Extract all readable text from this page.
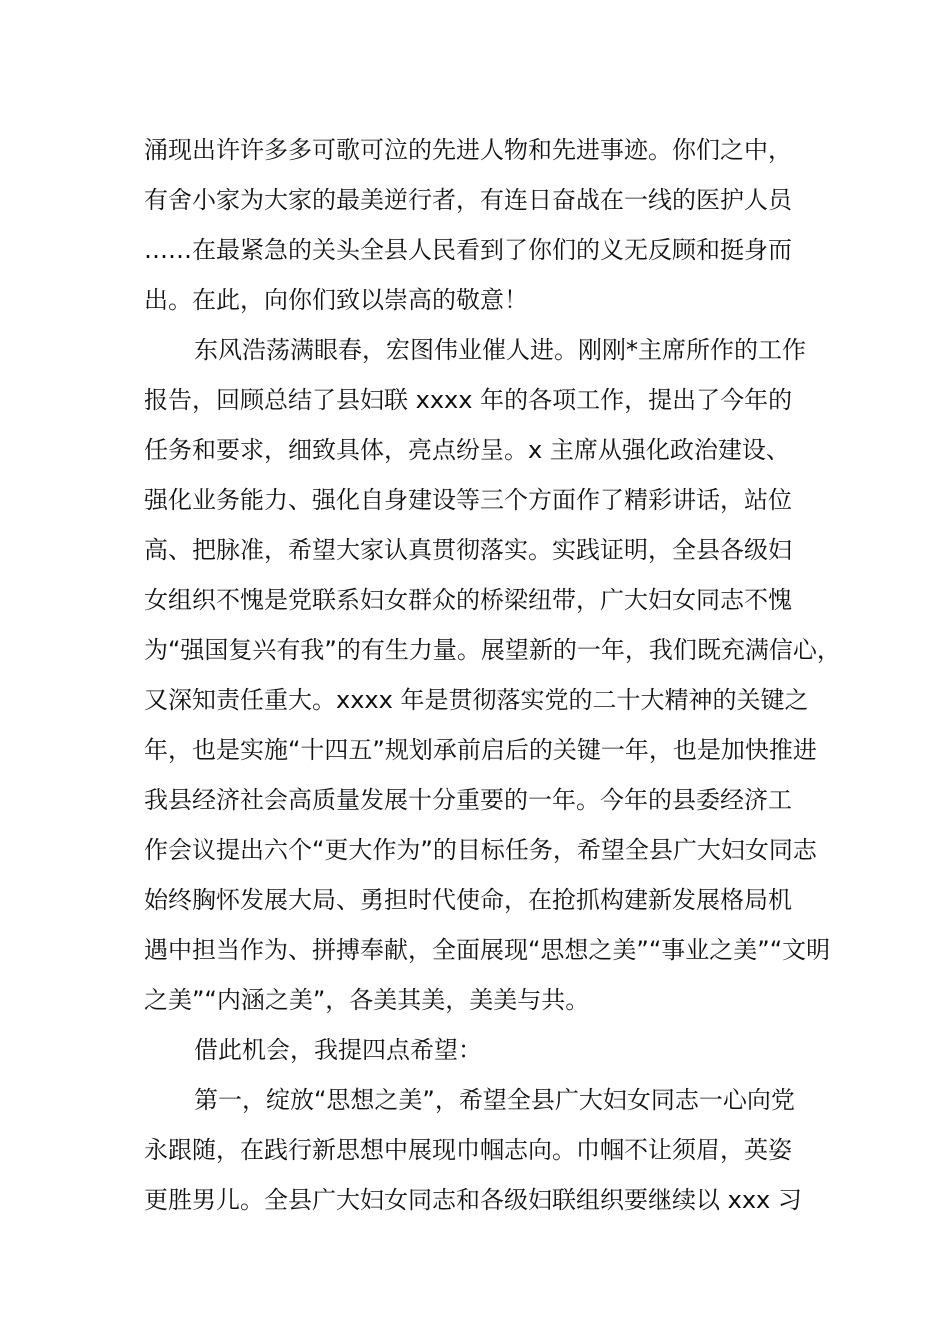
涌现出许许多多可歌可泣的先进人物和先进事迹。你们之中，
有舍小家为大家的最美逆行者，有连日奋战在一线的医护人员
……在最紧急的关头全县人民看到了你们的义无反顾和挺身而
出。在此，向你们致以崇高的敬意！
东风浩荡满眼春，宏图伟业催人进。刚刚*主席所作的工作
报告，回顾总结了县妇联 xxxx 年的各项工作，提出了今年的
任务和要求，细致具体，亮点纷呈。x 主席从强化政治建设、
强化业务能力、强化自身建设等三个方面作了精彩讲话，站位
高、把脉准，希望大家认真贯彻落实。实践证明，全县各级妇
女组织不愧是党联系妇女群众的桥梁纽带，广大妇女同志不愧
为“强国复兴有我”的有生力量。展望新的一年，我们既充满信心，
又深知责任重大。xxxx 年是贯彻落实党的二十大精神的关键之
年，也是实施“十四五”规划承前启后的关键一年，也是加快推进
我县经济社会高质量发展十分重要的一年。今年的县委经济工
作会议提出六个“更大作为”的目标任务，希望全县广大妇女同志
始终胸怀发展大局、勇担时代使命，在抢抓构建新发展格局机
遇中担当作为、拼搏奉献，全面展现“思想之美”“事业之美”“文明
之美”“内涵之美”，各美其美，美美与共。
借此机会，我提四点希望：
第一，绽放“思想之美”，希望全县广大妇女同志一心向党
永跟随，在践行新思想中展现巾帼志向。巾帼不让须眉，英姿
更胜男儿。全县广大妇女同志和各级妇联组织要继续以 xxx 习
